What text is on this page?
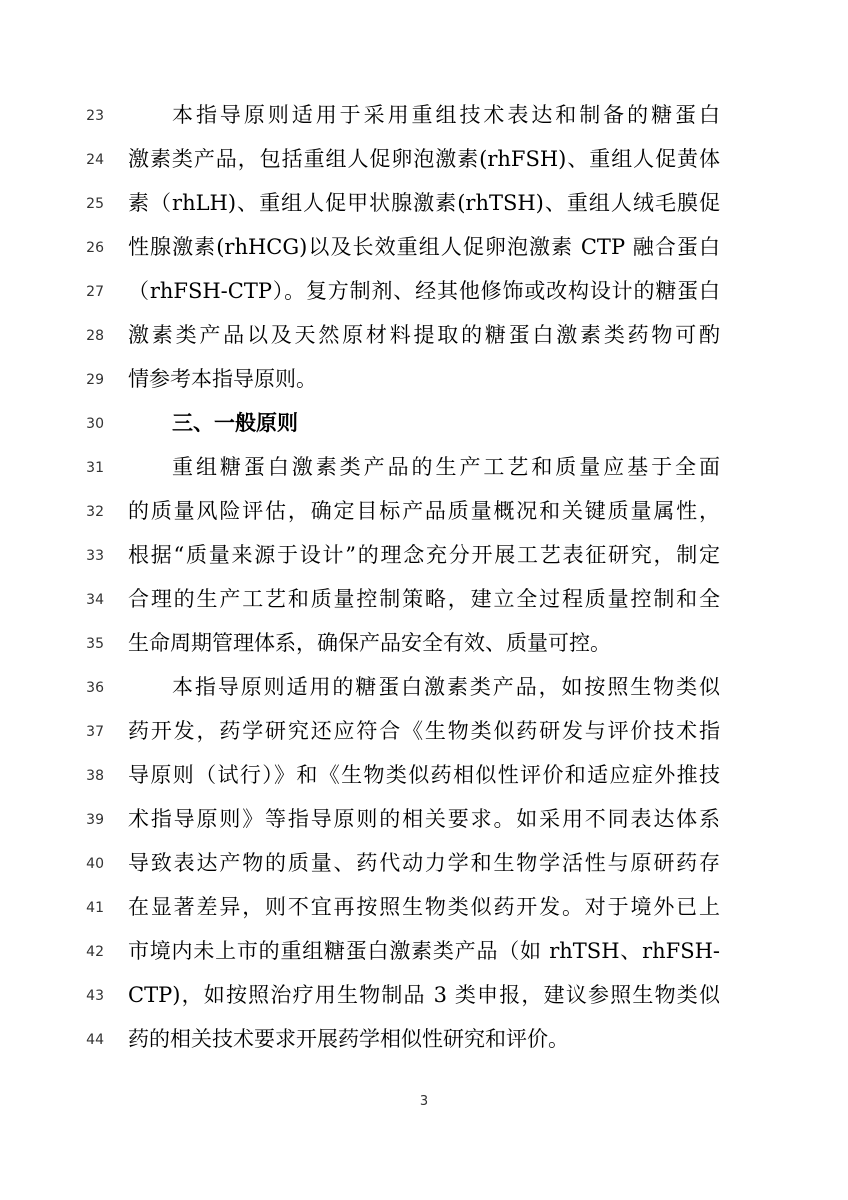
23	本指导原则适用于采用重组技术表达和制备的糖蛋白
24 激素类产品，包括重组人促卵泡激素(rhFSH)、重组人促黄体
25 素（rhLH)、重组人促甲状腺激素(rhTSH)、重组人绒毛膜促
26 性腺激素(rhHCG)以及长效重组人促卵泡激素 CTP 融合蛋白
27 （rhFSH-CTP）。复方制剂、经其他修饰或改构设计的糖蛋白
28 激素类产品以及天然原材料提取的糖蛋白激素类药物可酌
29 情参考本指导原则。
30	三、一般原则
31	重组糖蛋白激素类产品的生产工艺和质量应基于全面
32 的质量风险评估，确定目标产品质量概况和关键质量属性，
33 根据“质量来源于设计”的理念充分开展工艺表征研究，制定
34 合理的生产工艺和质量控制策略，建立全过程质量控制和全
35 生命周期管理体系，确保产品安全有效、质量可控。
36	本指导原则适用的糖蛋白激素类产品，如按照生物类似
37 药开发，药学研究还应符合《生物类似药研发与评价技术指
38 导原则（试行）》和《生物类似药相似性评价和适应症外推技
39 术指导原则》等指导原则的相关要求。如采用不同表达体系
40 导致表达产物的质量、药代动力学和生物学活性与原研药存
41 在显著差异，则不宜再按照生物类似药开发。对于境外已上
42 市境内未上市的重组糖蛋白激素类产品（如 rhTSH、rhFSH-
43 CTP)，如按照治疗用生物制品 3 类申报，建议参照生物类似
44 药的相关技术要求开展药学相似性研究和评价。
3
